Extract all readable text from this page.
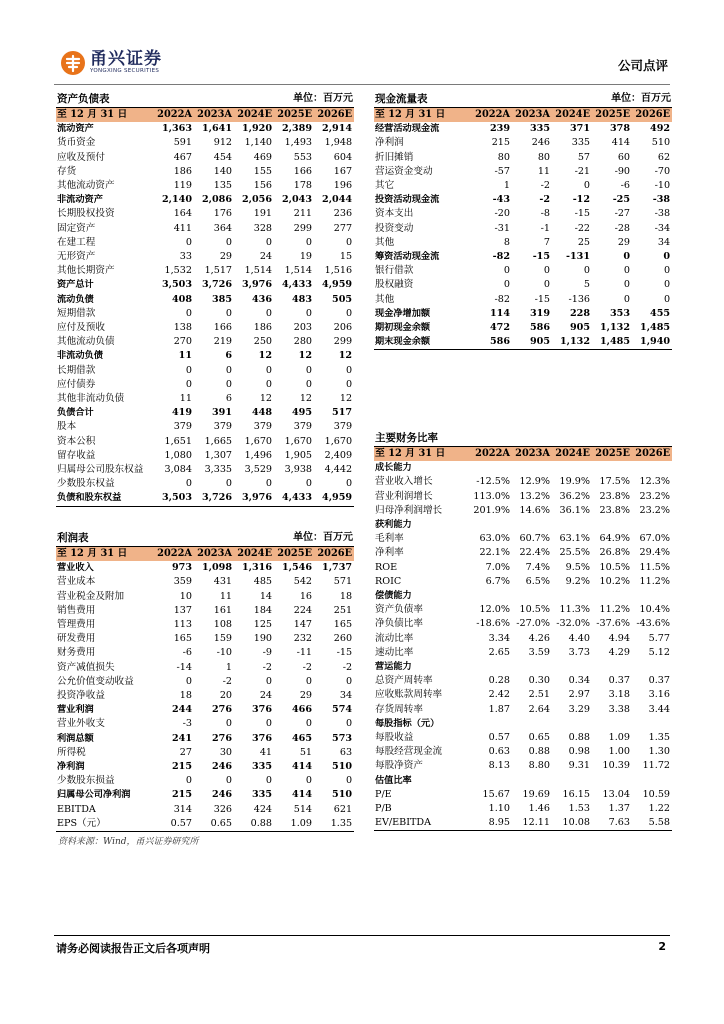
甬兴证券
YONGXING SECURITIES	公司点评
资产负债表			单位：百万元		
至 12 月 31 日	2022A	2023A	2024E	2025E	2026E
流动资产	1,363	1,641	1,920	2,389	2,914
货币资金	591	912	1,140	1,493	1,948
应收及预付	467	454	469	553	604
存货	186	140	155	166	167
其他流动资产	119	135	156	178	196
非流动资产	2,140	2,086	2,056	2,043	2,044
长期股权投资	164	176	191	211	236
固定资产	411	364	328	299	277
在建工程	0	0	0	0	0
无形资产	33	29	24	19	15
其他长期资产	1,532	1,517	1,514	1,514	1,516
资产总计	3,503	3,726	3,976	4,433	4,959
流动负债	408	385	436	483	505
短期借款	0	0	0	0	0
应付及预收	138	166	186	203	206
其他流动负债	270	219	250	280	299
非流动负债	11	6	12	12	12
长期借款	0	0	0	0	0
应付债券	0	0	0	0	0
其他非流动负债	11	6	12	12	12
负债合计	419	391	448	495	517
股本	379	379	379	379	379
资本公积	1,651	1,665	1,670	1,670	1,670
留存收益	1,080	1,307	1,496	1,905	2,409
归属母公司股东权益	3,084	3,335	3,529	3,938	4,442
少数股东权益	0	0	0	0	0
负债和股东权益	3,503	3,726	3,976	4,433	4,959
现金流量表			单位：百万元		
至 12 月 31 日	2022A	2023A	2024E	2025E	2026E
经营活动现金流	239	335	371	378	492
净利润	215	246	335	414	510
折旧摊销	80	80	57	60	62
营运资金变动	-57	11	-21	-90	-70
其它	1	-2	0	-6	-10
投资活动现金流	-43	-2	-12	-25	-38
资本支出	-20	-8	-15	-27	-38
投资变动	-31	-1	-22	-28	-34
其他	8	7	25	29	34
筹资活动现金流	-82	-15	-131	0	0
银行借款	0	0	0	0	0
股权融资	0	0	5	0	0
其他	-82	-15	-136	0	0
现金净增加额	114	319	228	353	455
期初现金余额	472	586	905	1,132	1,485
期末现金余额	586	905	1,132	1,485	1,940
利润表			单位：百万元		
至 12 月 31 日	2022A	2023A	2024E	2025E	2026E
营业收入	973	1,098	1,316	1,546	1,737
营业成本	359	431	485	542	571
营业税金及附加	10	11	14	16	18
销售费用	137	161	184	224	251
管理费用	113	108	125	147	165
研发费用	165	159	190	232	260
财务费用	-6	-10	-9	-11	-15
资产减值损失	-14	1	-2	-2	-2
公允价值变动收益	0	-2	0	0	0
投资净收益	18	20	24	29	34
营业利润	244	276	376	466	574
营业外收支	-3	0	0	0	0
利润总额	241	276	376	465	573
所得税	27	30	41	51	63
净利润	215	246	335	414	510
少数股东损益	0	0	0	0	0
归属母公司净利润	215	246	335	414	510
EBITDA	314	326	424	514	621
EPS（元）	0.57	0.65	0.88	1.09	1.35
主要财务比率					
至 12 月 31 日	2022A	2023A	2024E	2025E	2026E
成长能力					
营业收入增长	-12.5%	12.9%	19.9%	17.5%	12.3%
营业利润增长	113.0%	13.2%	36.2%	23.8%	23.2%
归母净利润增长	201.9%	14.6%	36.1%	23.8%	23.2%
获利能力					
毛利率	63.0%	60.7%	63.1%	64.9%	67.0%
净利率	22.1%	22.4%	25.5%	26.8%	29.4%
ROE	7.0%	7.4%	9.5%	10.5%	11.5%
ROIC	6.7%	6.5%	9.2%	10.2%	11.2%
偿债能力					
资产负债率	12.0%	10.5%	11.3%	11.2%	10.4%
净负债比率	-18.6%	-27.0%	-32.0%	-37.6%	-43.6%
流动比率	3.34	4.26	4.40	4.94	5.77
速动比率	2.65	3.59	3.73	4.29	5.12
营运能力					
总资产周转率	0.28	0.30	0.34	0.37	0.37
应收账款周转率	2.42	2.51	2.97	3.18	3.16
存货周转率	1.87	2.64	3.29	3.38	3.44
每股指标（元）					
每股收益	0.57	0.65	0.88	1.09	1.35
每股经营现金流	0.63	0.88	0.98	1.00	1.30
每股净资产	8.13	8.80	9.31	10.39	11.72
估值比率					
P/E	15.67	19.69	16.15	13.04	10.59
P/B	1.10	1.46	1.53	1.37	1.22
EV/EBITDA	8.95	12.11	10.08	7.63	5.58
资料来源：Wind，甬兴证券研究所
请务必阅读报告正文后各项声明	2
